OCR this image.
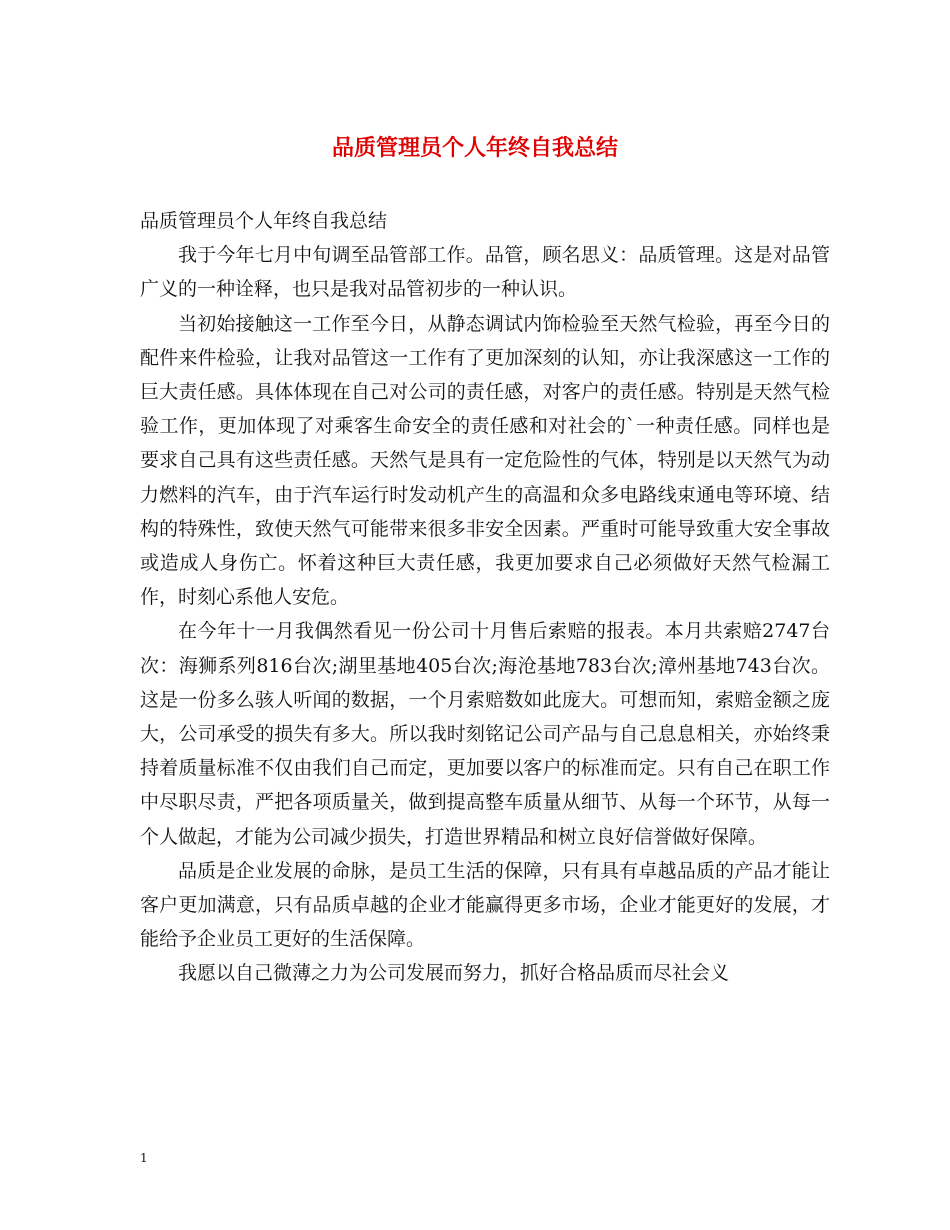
品质管理员个人年终自我总结

品质管理员个人年终自我总结

我于今年七月中旬调至品管部工作。品管，顾名思义：品质管理。这是对品管广义的一种诠释，也只是我对品管初步的一种认识。

当初始接触这一工作至今日，从静态调试内饰检验至天然气检验，再至今日的配件来件检验，让我对品管这一工作有了更加深刻的认知，亦让我深感这一工作的巨大责任感。具体体现在自己对公司的责任感，对客户的责任感。特别是天然气检验工作，更加体现了对乘客生命安全的责任感和对社会的`一种责任感。同样也是要求自己具有这些责任感。天然气是具有一定危险性的气体，特别是以天然气为动力燃料的汽车，由于汽车运行时发动机产生的高温和众多电路线束通电等环境、结构的特殊性，致使天然气可能带来很多非安全因素。严重时可能导致重大安全事故或造成人身伤亡。怀着这种巨大责任感，我更加要求自己必须做好天然气检漏工作，时刻心系他人安危。

在今年十一月我偶然看见一份公司十月售后索赔的报表。本月共索赔2747台次：海狮系列816台次;湖里基地405台次;海沧基地783台次;漳州基地743台次。这是一份多么骇人听闻的数据，一个月索赔数如此庞大。可想而知，索赔金额之庞大，公司承受的损失有多大。所以我时刻铭记公司产品与自己息息相关，亦始终秉持着质量标准不仅由我们自己而定，更加要以客户的标准而定。只有自己在职工作中尽职尽责，严把各项质量关，做到提高整车质量从细节、从每一个环节，从每一个人做起，才能为公司减少损失，打造世界精品和树立良好信誉做好保障。

品质是企业发展的命脉，是员工生活的保障，只有具有卓越品质的产品才能让客户更加满意，只有品质卓越的企业才能赢得更多市场，企业才能更好的发展，才能给予企业员工更好的生活保障。

我愿以自己微薄之力为公司发展而努力，抓好合格品质而尽社会义

1
